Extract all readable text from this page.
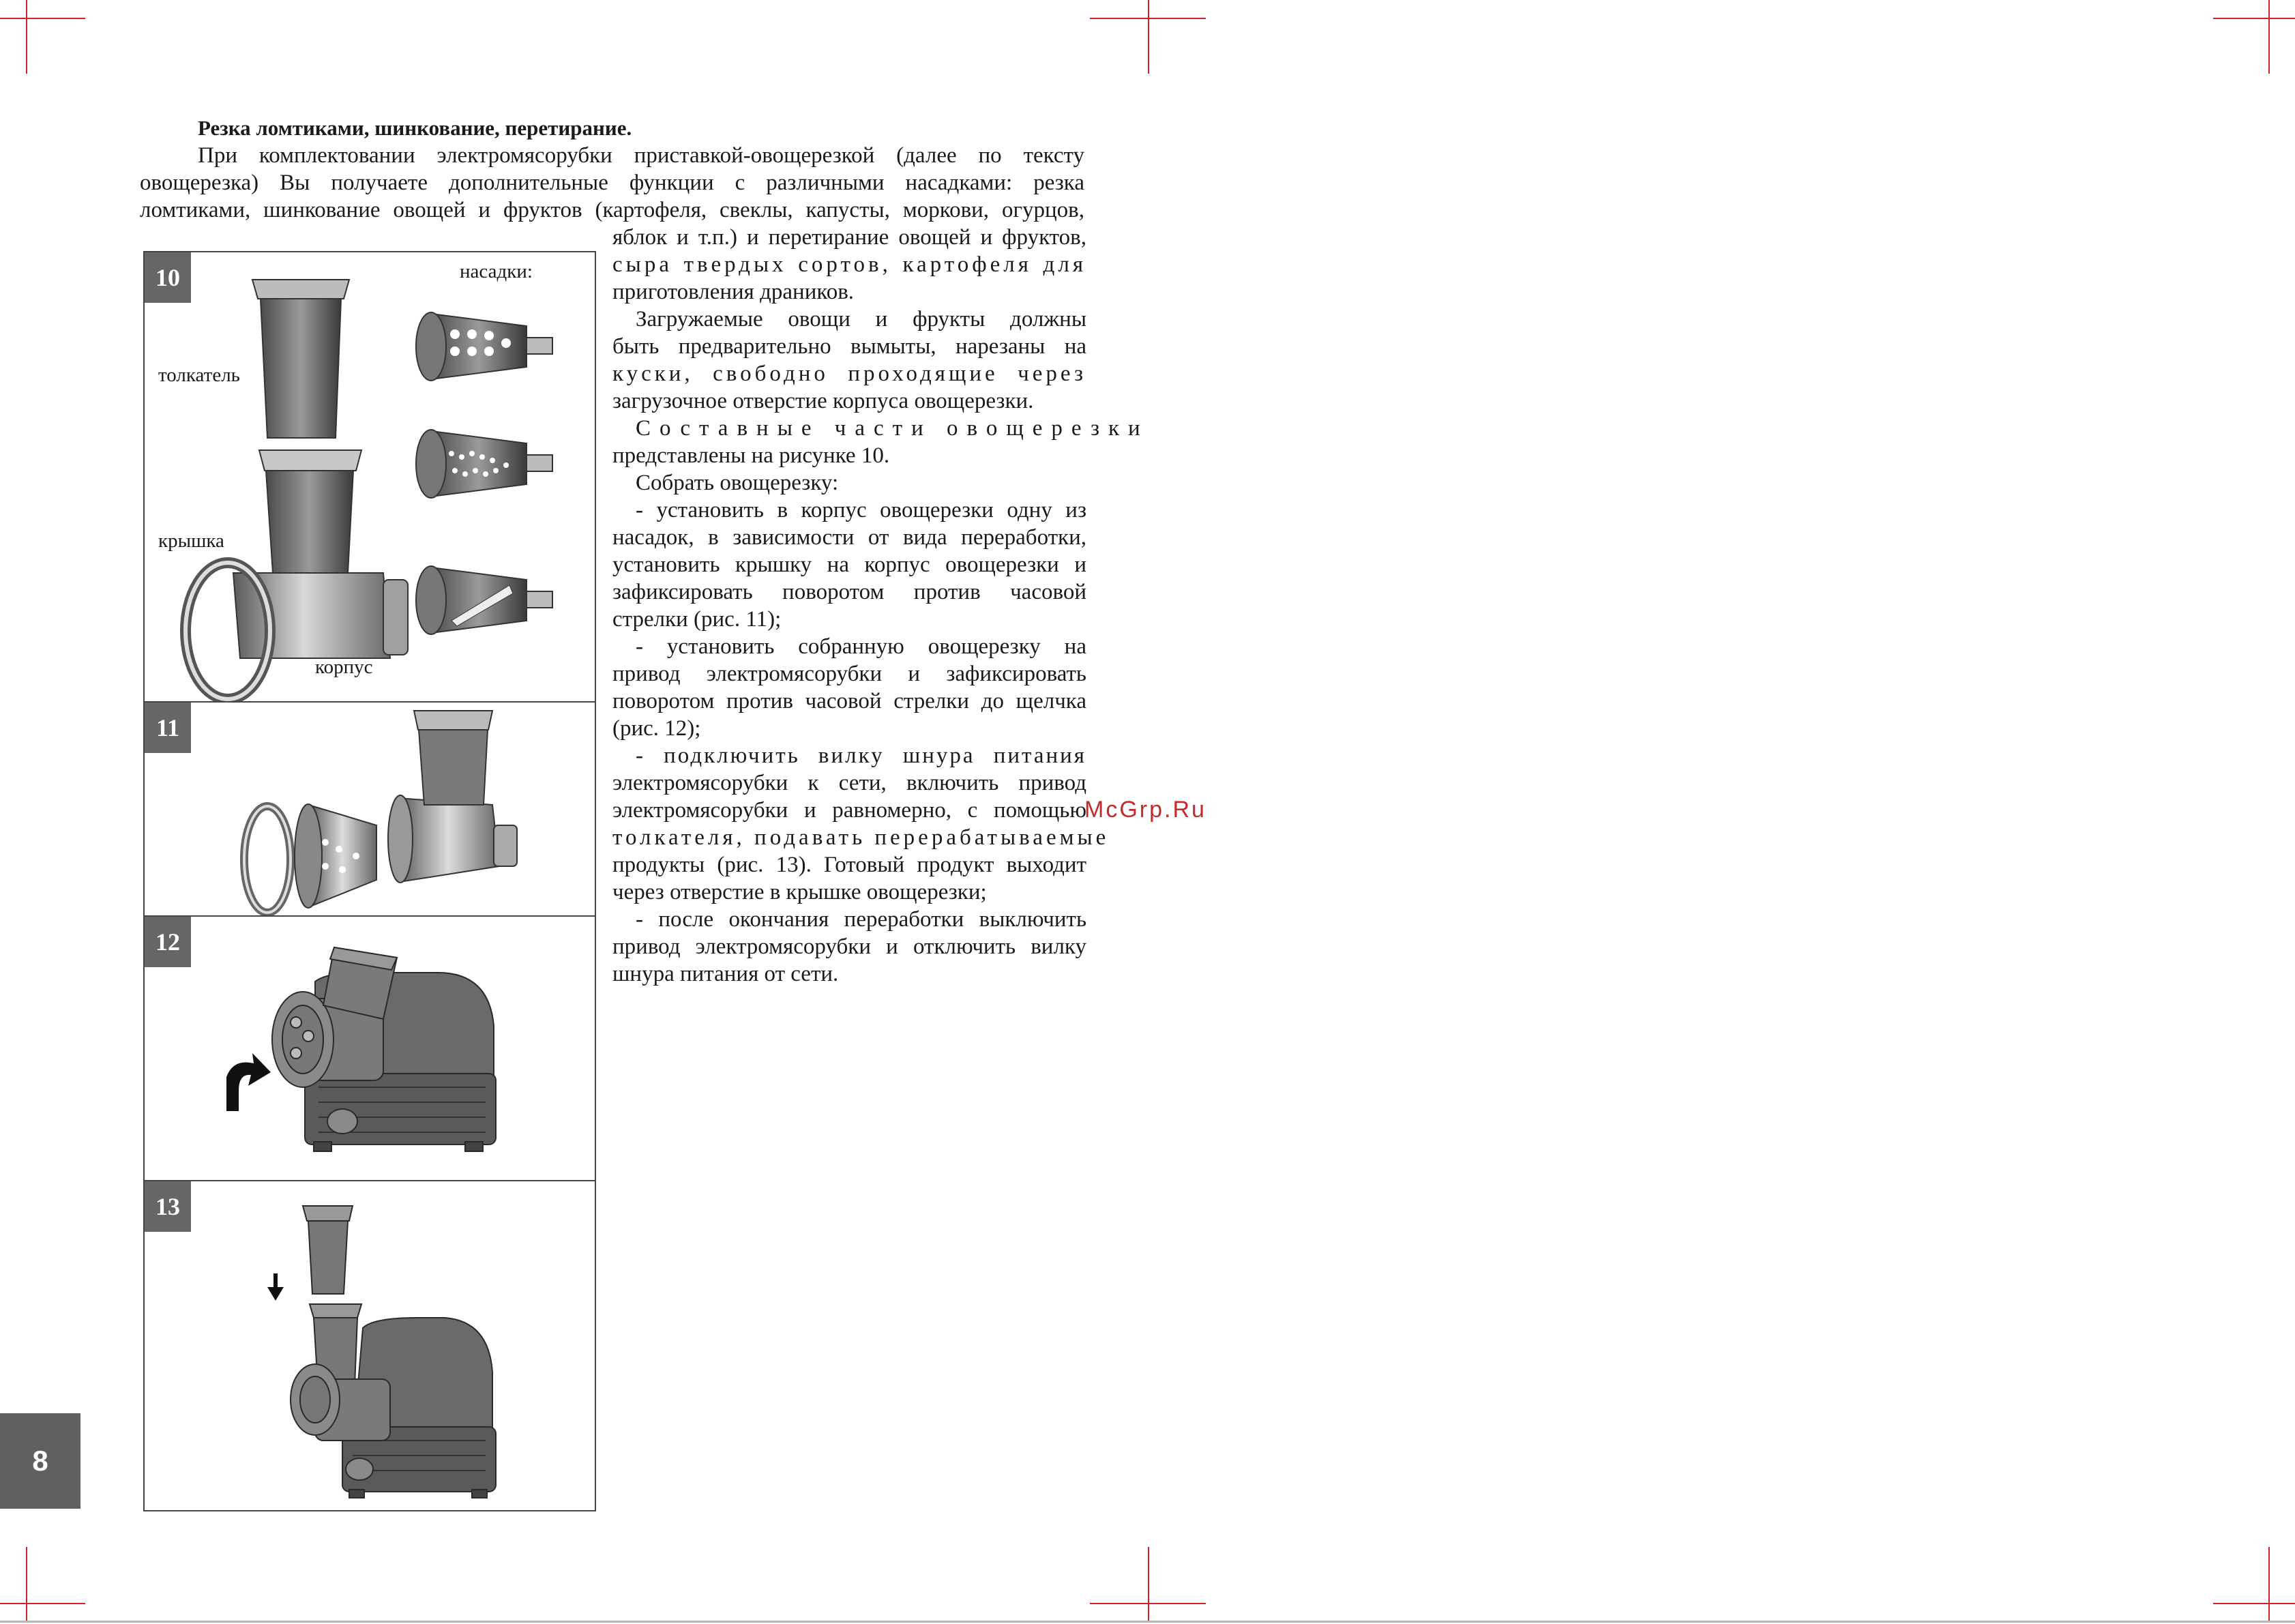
Резка ломтиками, шинкование, перетирание.
При комплектовании электромясорубки приставкой-овощерезкой (далее по тексту
овощерезка) Вы получаете дополнительные функции с различными насадками: резка
ломтиками, шинкование овощей и фруктов (картофеля, свеклы, капусты, моркови, огурцов,
яблок и т.п.) и перетирание овощей и фруктов,
сыра твердых сортов, картофеля для
приготовления драников.
Загружаемые овощи и фрукты должны
быть предварительно вымыты, нарезаны на
куски, свободно проходящие через
загрузочное отверстие корпуса овощерезки.
Составные части овощерезки
представлены на рисунке 10.
Собрать овощерезку:
- установить в корпус овощерезки одну из
насадок, в зависимости от вида переработки,
установить крышку на корпус овощерезки и
зафиксировать поворотом против часовой
стрелки (рис. 11);
- установить собранную овощерезку на
привод электромясорубки и зафиксировать
поворотом против часовой стрелки до щелчка
(рис. 12);
- подключить вилку шнура питания
электромясорубки к сети, включить привод
электромясорубки и равномерно, с помощью
толкателя, подавать перерабатываемые
продукты (рис. 13). Готовый продукт выходит
через отверстие в крышке овощерезки;
- после окончания переработки выключить
привод электромясорубки и отключить вилку
шнура питания от сети.
10	насадки:
толкатель
крышка
корпус
11
12
13
8
McGrp.Ru
